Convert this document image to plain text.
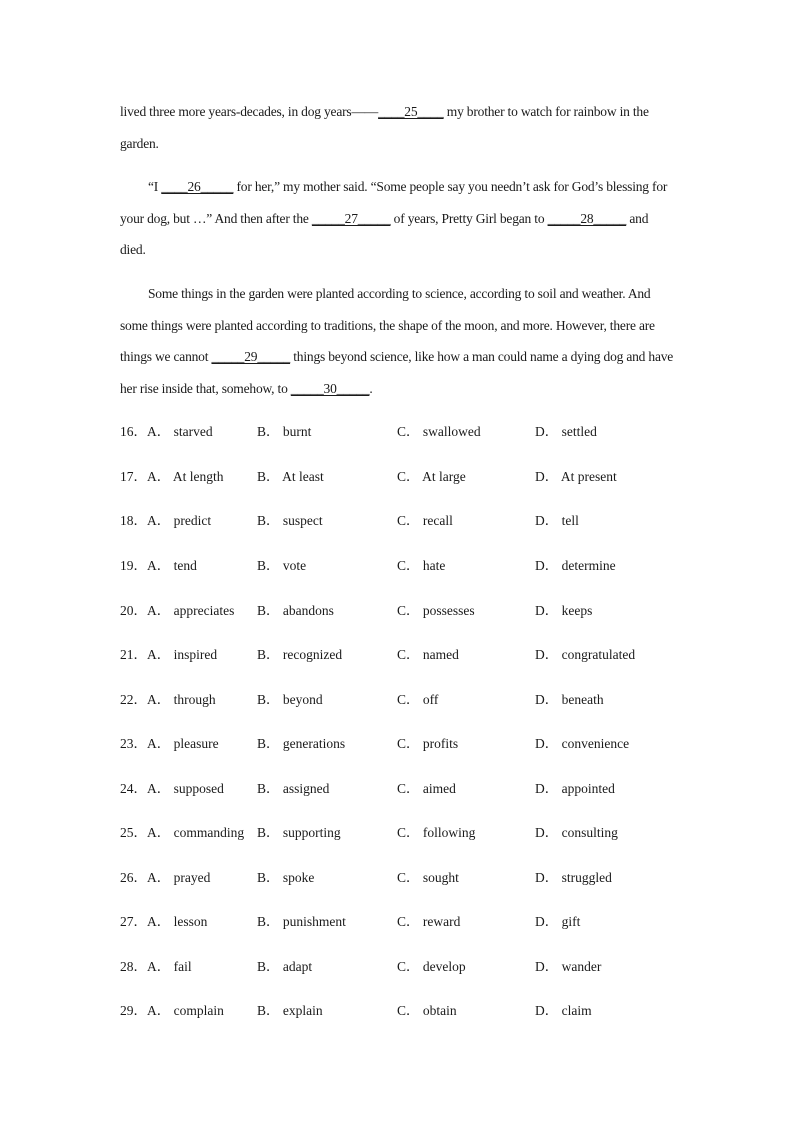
lived three more years-decades, in dog years——____25____ my brother to watch for rainbow in the garden.

“I ____26_____ for her,” my mother said. “Some people say you needn’t ask for God’s blessing for your dog, but …” And then after the _____27_____ of years, Pretty Girl began to _____28_____ and died.

Some things in the garden were planted according to science, according to soil and weather. And some things were planted according to traditions, the shape of the moon, and more. However, there are things we cannot _____29_____ things beyond science, like how a man could name a dying dog and have her rise inside that, somehow, to _____30_____.

16． A． starved	B． burnt	C． swallowed	D． settled
17． A． At length B． At least	C． At large	D． At present
18． A． predict	B． suspect	C． recall	D． tell
19． A． tend	B． vote	C． hate	D． determine
20． A． appreciates B． abandons	C． possesses	D． keeps
21． A． inspired	B． recognized	C． named	D． congratulated
22． A． through	B． beyond	C． off	D． beneath
23． A． pleasure	B． generations	C． profits	D． convenience
24． A． supposed B． assigned	C． aimed	D． appointed
25． A． commanding B． supporting	C． following	D． consulting
26． A． prayed	B． spoke	C． sought	D． struggled
27． A． lesson	B． punishment	C． reward	D． gift
28． A． fail	B． adapt	C． develop	D． wander
29． A． complain B． explain	C． obtain	D． claim
